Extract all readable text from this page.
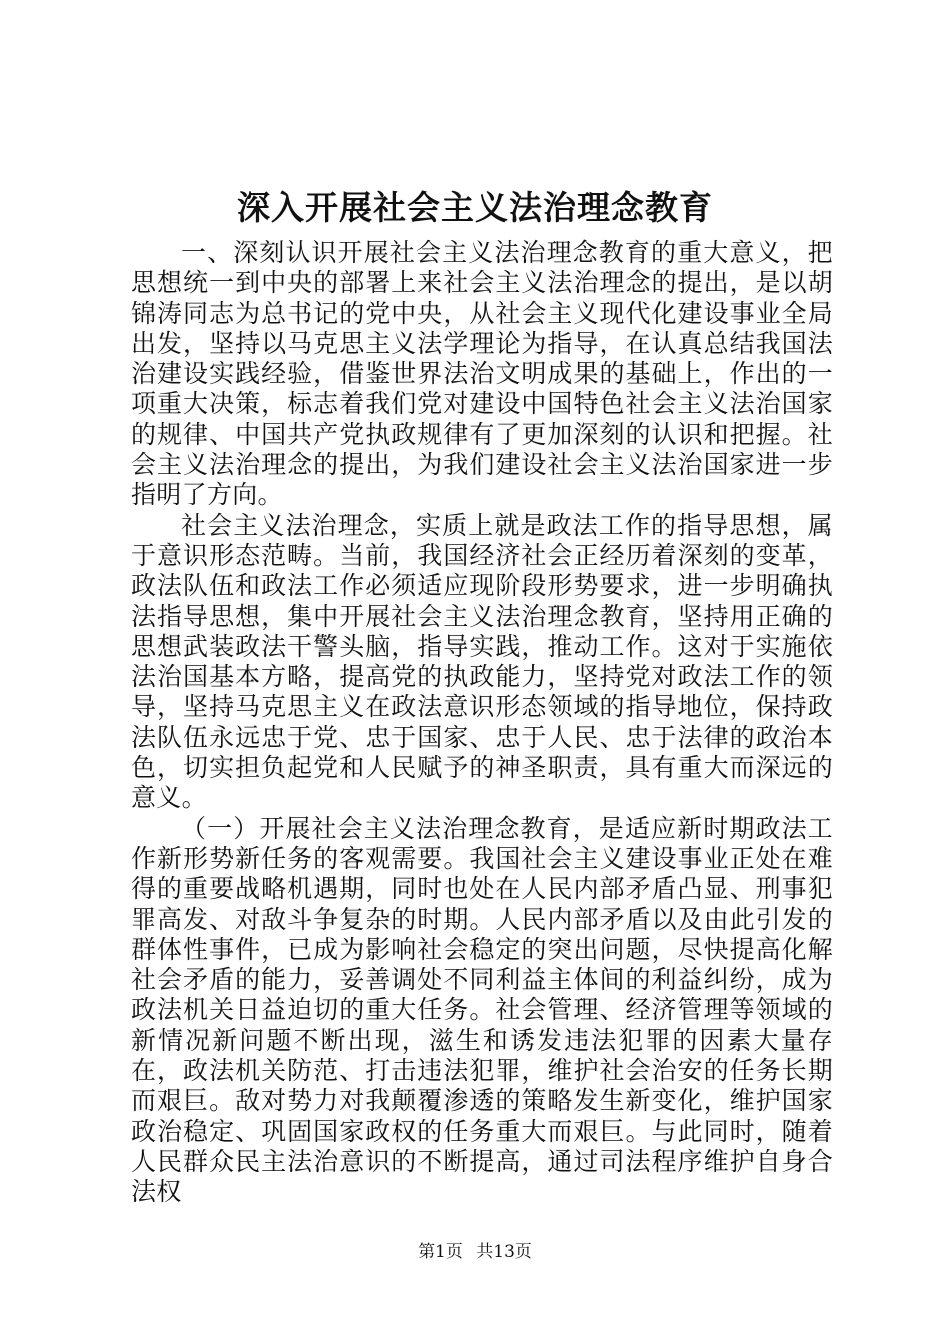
深入开展社会主义法治理念教育

一、深刻认识开展社会主义法治理念教育的重大意义，把思想统一到中央的部署上来社会主义法治理念的提出，是以胡锦涛同志为总书记的党中央，从社会主义现代化建设事业全局出发，坚持以马克思主义法学理论为指导，在认真总结我国法治建设实践经验，借鉴世界法治文明成果的基础上，作出的一项重大决策，标志着我们党对建设中国特色社会主义法治国家的规律、中国共产党执政规律有了更加深刻的认识和把握。社会主义法治理念的提出，为我们建设社会主义法治国家进一步指明了方向。

社会主义法治理念，实质上就是政法工作的指导思想，属于意识形态范畴。当前，我国经济社会正经历着深刻的变革，政法队伍和政法工作必须适应现阶段形势要求，进一步明确执法指导思想，集中开展社会主义法治理念教育，坚持用正确的思想武装政法干警头脑，指导实践，推动工作。这对于实施依法治国基本方略，提高党的执政能力，坚持党对政法工作的领导，坚持马克思主义在政法意识形态领域的指导地位，保持政法队伍永远忠于党、忠于国家、忠于人民、忠于法律的政治本色，切实担负起党和人民赋予的神圣职责，具有重大而深远的意义。

（一）开展社会主义法治理念教育，是适应新时期政法工作新形势新任务的客观需要。我国社会主义建设事业正处在难得的重要战略机遇期，同时也处在人民内部矛盾凸显、刑事犯罪高发、对敌斗争复杂的时期。人民内部矛盾以及由此引发的群体性事件，已成为影响社会稳定的突出问题，尽快提高化解社会矛盾的能力，妥善调处不同利益主体间的利益纠纷，成为政法机关日益迫切的重大任务。社会管理、经济管理等领域的新情况新问题不断出现，滋生和诱发违法犯罪的因素大量存在，政法机关防范、打击违法犯罪，维护社会治安的任务长期而艰巨。敌对势力对我颠覆渗透的策略发生新变化，维护国家政治稳定、巩固国家政权的任务重大而艰巨。与此同时，随着人民群众民主法治意识的不断提高，通过司法程序维护自身合法权

第1页 共13页
